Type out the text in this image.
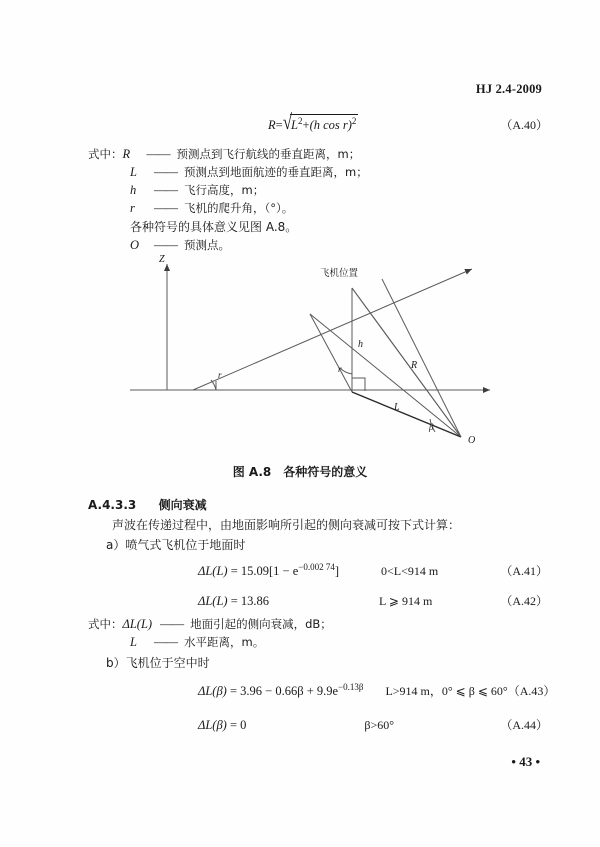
HJ 2.4-2009
$R=√L^2+(h$ cos r)$^2$	（A.40）
式中： R	—— 预测点到飞行航线的垂直距离，m；
L	—— 预测点到地面航迹的垂直距离，m；
h	—— 飞行高度，m；
r	—— 飞机的爬升角，（°）。
各种符号的具体意义见图 A.8。
O	—— 预测点。
Z
h
R
L
r
r
β
O
飞机位置
图 A.8　各种符号的意义
A.4.3.3 侧向衰减
声波在传递过程中，由地面影响所引起的侧向衰减可按下式计算：
a）喷气式飞机位于地面时
$\Delta L(L) = 15.09[1 - e^{-0.002 74}]$	0<L<914 m	（A.41）
ΔL(L) = 13.86	L ⩾ 914 m	（A.42）
式中： ΔL(L) —— 地面引起的侧向衰减，dB；
L	—— 水平距离，m。
b）飞机位于空中时
$\Delta L(\beta) = 3.96 - 0.66\beta + 9.9e^{-0.13\beta}$ L>914 m，0° ⩽ β ⩽ 60° （A.43）
ΔL(β) = 0	β>60°	（A.44）
• 43 •
